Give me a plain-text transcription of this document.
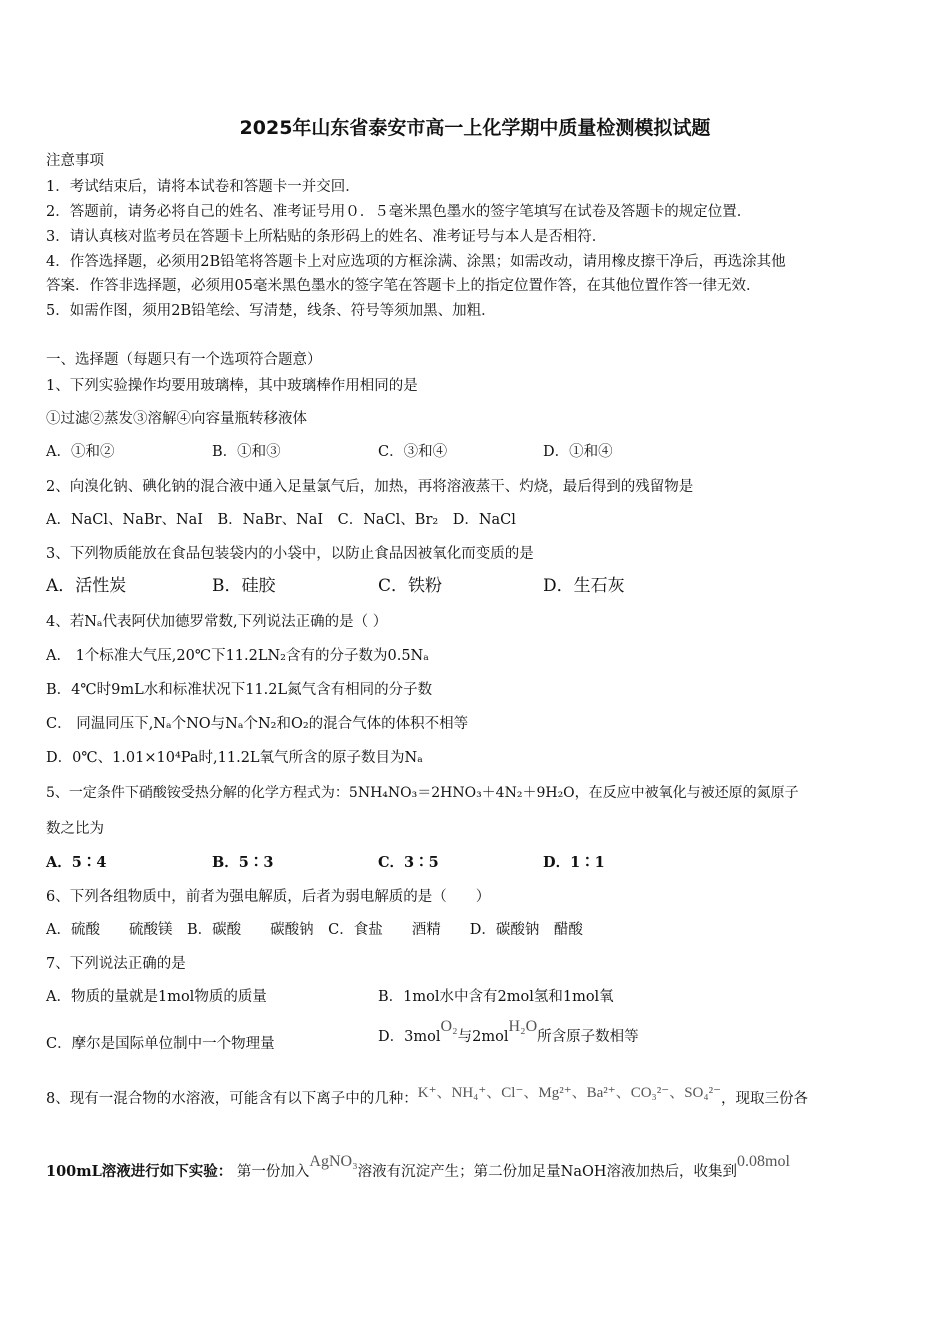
2025年山东省泰安市高一上化学期中质量检测模拟试题
注意事项
1．考试结束后，请将本试卷和答题卡一并交回．
2．答题前，请务必将自己的姓名、准考证号用０．５毫米黑色墨水的签字笔填写在试卷及答题卡的规定位置．
3．请认真核对监考员在答题卡上所粘贴的条形码上的姓名、准考证号与本人是否相符．
4．作答选择题，必须用2B铅笔将答题卡上对应选项的方框涂满、涂黑；如需改动，请用橡皮擦干净后，再选涂其他
答案．作答非选择题，必须用05毫米黑色墨水的签字笔在答题卡上的指定位置作答，在其他位置作答一律无效．
5．如需作图，须用2B铅笔绘、写清楚，线条、符号等须加黑、加粗．
一、选择题（每题只有一个选项符合题意）
1、下列实验操作均要用玻璃棒，其中玻璃棒作用相同的是
①过滤②蒸发③溶解④向容量瓶转移液体
A．①和②	B．①和③	C．③和④	D．①和④
2、向溴化钠、碘化钠的混合液中通入足量氯气后，加热，再将溶液蒸干、灼烧，最后得到的残留物是
A．NaCl、NaBr、NaI　B．NaBr、NaI　C．NaCl、Br₂　D．NaCl
3、下列物质能放在食品包装袋内的小袋中，以防止食品因被氧化而变质的是
A．活性炭	B．硅胶	C．铁粉	D．生石灰
4、若Nₐ代表阿伏加德罗常数,下列说法正确的是（ ）
A． 1个标准大气压,20℃下11.2LN₂含有的分子数为0.5Nₐ
B．4℃时9mL水和标准状况下11.2L氮气含有相同的分子数
C． 同温同压下,Nₐ个NO与Nₐ个N₂和O₂的混合气体的体积不相等
D．0℃、1.01×10⁴Pa时,11.2L氧气所含的原子数目为Nₐ
5、一定条件下硝酸铵受热分解的化学方程式为：5NH₄NO₃＝2HNO₃＋4N₂＋9H₂O，在反应中被氧化与被还原的氮原子
数之比为
A．5∶4	B．5∶3	C．3∶5	D．1∶1
6、下列各组物质中，前者为强电解质，后者为弱电解质的是（　　）
A．硫酸　　硫酸镁　B．碳酸　　碳酸钠　C．食盐　　酒精　　D．碳酸钠　醋酸
7、下列说法正确的是
A．物质的量就是1mol物质的质量	B．1mol水中含有2mol氢和1mol氧
C．摩尔是国际单位制中一个物理量	D．3molO₂与2molH₂O所含原子数相等
8、现有一混合物的水溶液，可能含有以下离子中的几种：K⁺、NH₄⁺、Cl⁻、Mg²⁺、Ba²⁺、CO₃²⁻、SO₄²⁻，现取三份各
100mL溶液进行如下实验： 第一份加入AgNO₃溶液有沉淀产生；第二份加足量NaOH溶液加热后，收集到0.08mol
